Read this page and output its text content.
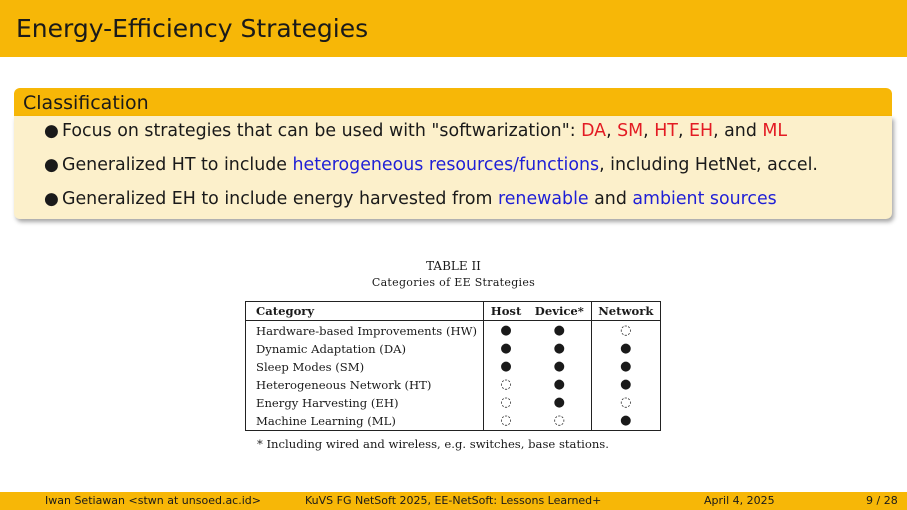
Energy-Efficiency Strategies
Classification
● Focus on strategies that can be used with "softwarization": DA, SM, HT, EH, and ML
● Generalized HT to include heterogeneous resources/functions, including HetNet, accel.
● Generalized EH to include energy harvested from renewable and ambient sources
TABLE II
Categories of EE Strategies
Category	Host	Device*	Network
Hardware-based Improvements (HW)	●	●	◌
Dynamic Adaptation (DA)	●	●	●
Sleep Modes (SM)	●	●	●
Heterogeneous Network (HT)	◌	●	●
Energy Harvesting (EH)	◌	●	◌
Machine Learning (ML)	◌	◌	●
* Including wired and wireless, e.g. switches, base stations.
Iwan Setiawan <stwn at unsoed.ac.id>	KuVS FG NetSoft 2025, EE-NetSoft: Lessons Learned+	April 4, 2025	9 / 28
